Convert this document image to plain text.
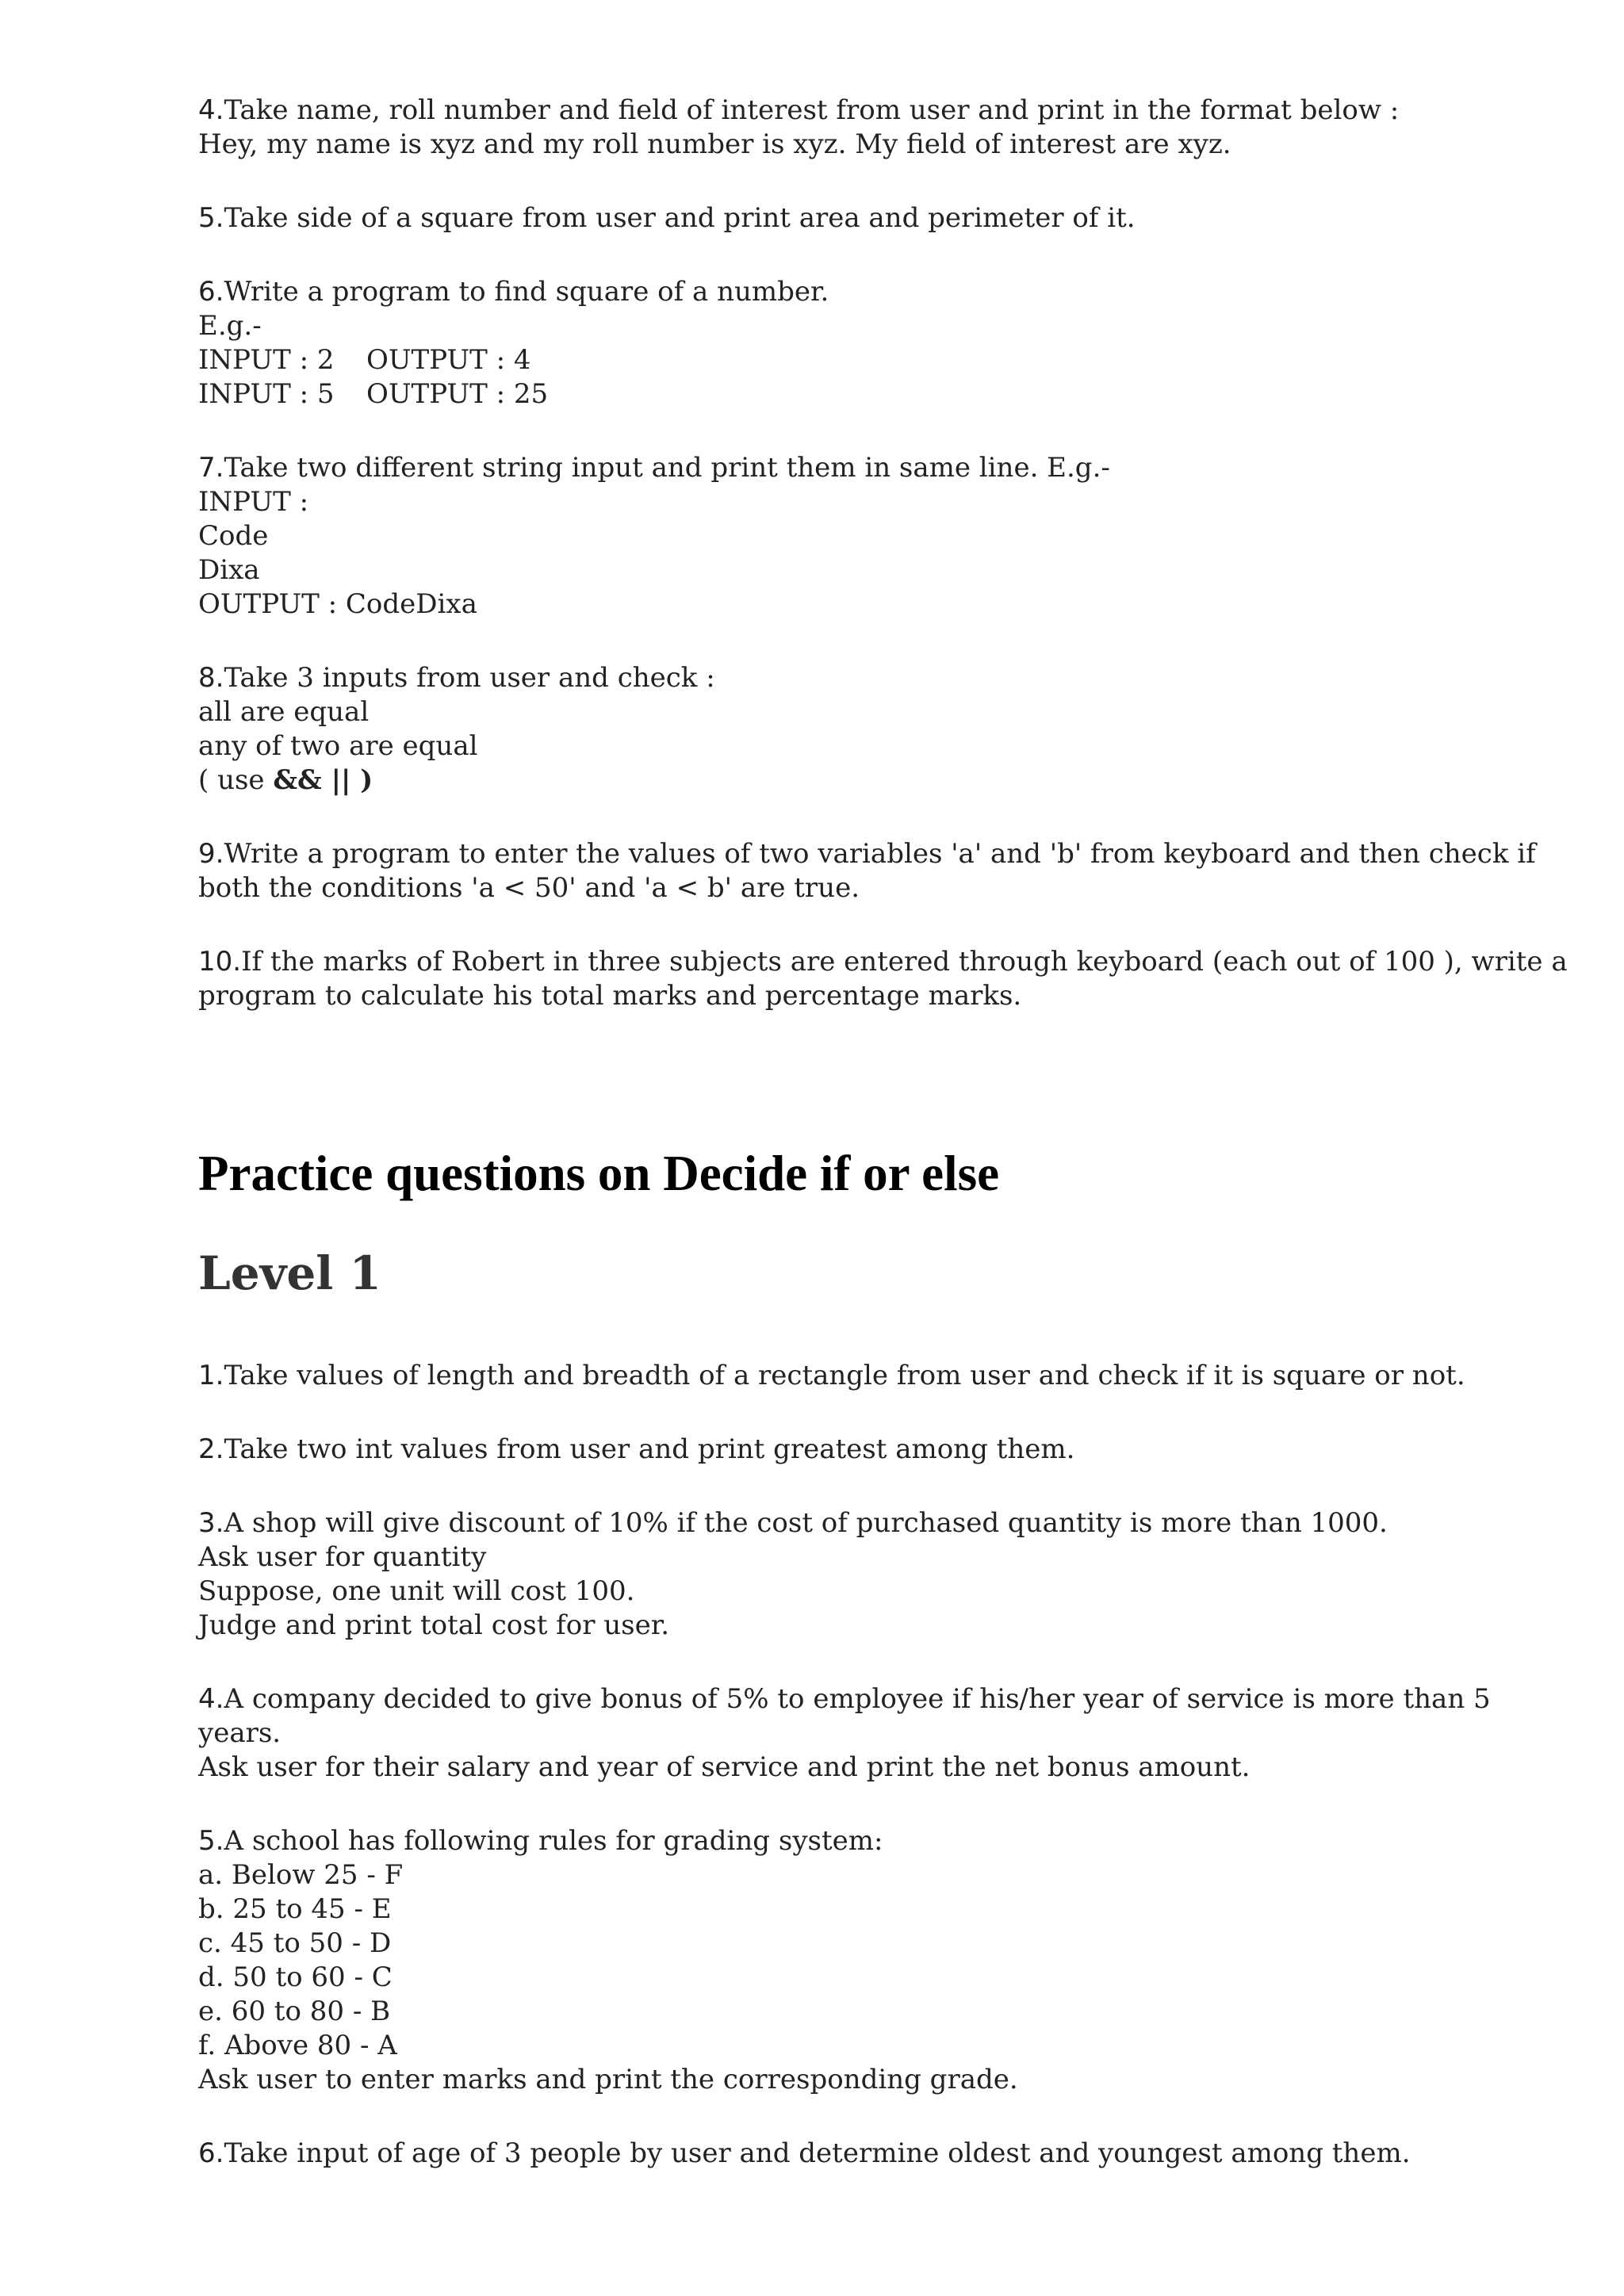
4.Take name, roll number and field of interest from user and print in the format below :

Hey, my name is xyz and my roll number is xyz. My field of interest are xyz.

5.Take side of a square from user and print area and perimeter of it.

6.Write a program to find square of a number.

E.g.-

INPUT : 2 OUTPUT : 4

INPUT : 5 OUTPUT : 25

7.Take two different string input and print them in same line. E.g.-

INPUT :

Code

Dixa

OUTPUT : CodeDixa

8.Take 3 inputs from user and check :

all are equal

any of two are equal

( use && || )

9.Write a program to enter the values of two variables 'a' and 'b' from keyboard and then check if

both the conditions 'a < 50' and 'a < b' are true.

10.If the marks of Robert in three subjects are entered through keyboard (each out of 100 ), write a

program to calculate his total marks and percentage marks.

Practice questions on Decide if or else
Level 1

1.Take values of length and breadth of a rectangle from user and check if it is square or not.

2.Take two int values from user and print greatest among them.

3.A shop will give discount of 10% if the cost of purchased quantity is more than 1000.

Ask user for quantity

Suppose, one unit will cost 100.

Judge and print total cost for user.

4.A company decided to give bonus of 5% to employee if his/her year of service is more than 5

years.

Ask user for their salary and year of service and print the net bonus amount.

5.A school has following rules for grading system:

a. Below 25 - F

b. 25 to 45 - E

c. 45 to 50 - D

d. 50 to 60 - C

e. 60 to 80 - B

f. Above 80 - A

Ask user to enter marks and print the corresponding grade.

6.Take input of age of 3 people by user and determine oldest and youngest among them.
